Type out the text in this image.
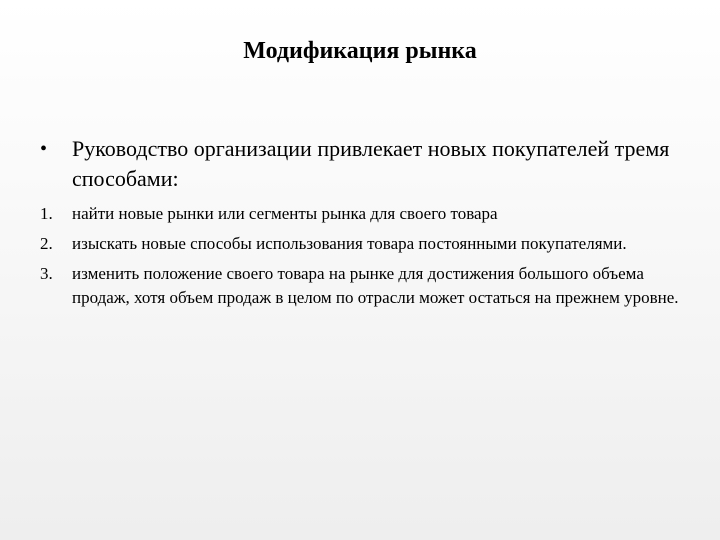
Модификация рынка
•	Руководство организации привлекает новых покупателей тремя способами:
1.	найти новые рынки или сегменты рынка для своего товара
2.	изыскать новые способы использования товара постоянными покупателями.
3.	изменить положение своего товара на рынке для достижения большого объема продаж, хотя объем продаж в целом по отрасли может остаться на прежнем уровне.
